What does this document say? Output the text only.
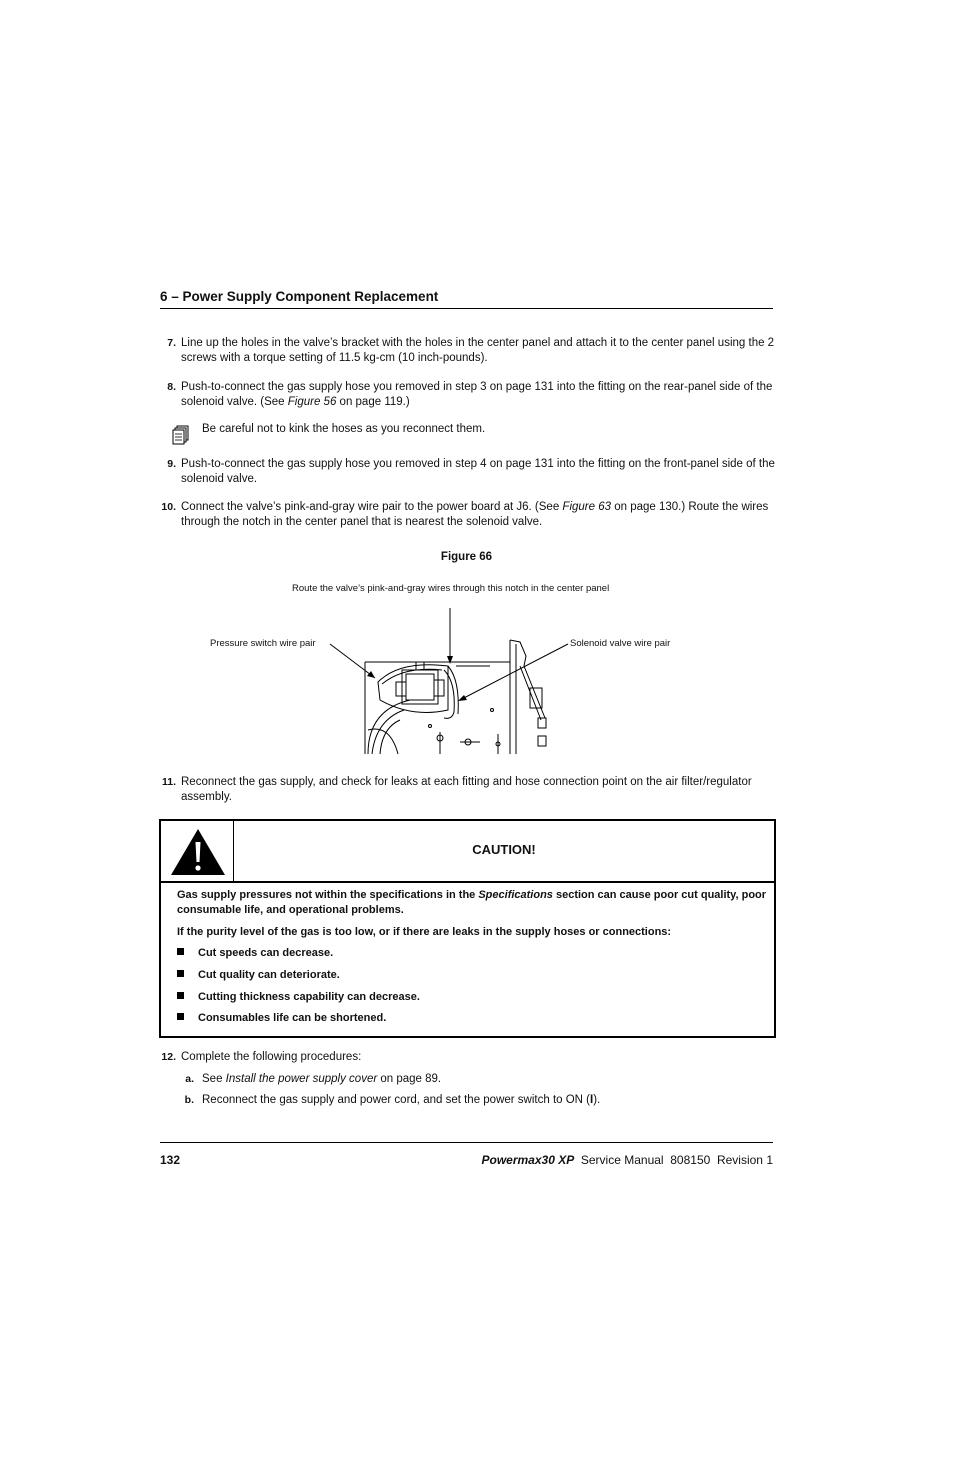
6 – Power Supply Component Replacement
7. Line up the holes in the valve’s bracket with the holes in the center panel and attach it to the center panel using the 2 screws with a torque setting of 11.5 kg-cm (10 inch-pounds).
8. Push-to-connect the gas supply hose you removed in step 3 on page 131 into the fitting on the rear-panel side of the solenoid valve. (See Figure 56 on page 119.)
Be careful not to kink the hoses as you reconnect them.
9. Push-to-connect the gas supply hose you removed in step 4 on page 131 into the fitting on the front-panel side of the solenoid valve.
10. Connect the valve’s pink-and-gray wire pair to the power board at J6. (See Figure 63 on page 130.) Route the wires through the notch in the center panel that is nearest the solenoid valve.
Figure 66
Route the valve’s pink-and-gray wires through this notch in the center panel
Pressure switch wire pair	Solenoid valve wire pair
11. Reconnect the gas supply, and check for leaks at each fitting and hose connection point on the air filter/regulator assembly.
CAUTION!
Gas supply pressures not within the specifications in the Specifications section can cause poor cut quality, poor consumable life, and operational problems.
If the purity level of the gas is too low, or if there are leaks in the supply hoses or connections:
Cut speeds can decrease.
Cut quality can deteriorate.
Cutting thickness capability can decrease.
Consumables life can be shortened.
12. Complete the following procedures:
a. See Install the power supply cover on page 89.
b. Reconnect the gas supply and power cord, and set the power switch to ON (I).
132	Powermax30 XP Service Manual  808150  Revision 1
